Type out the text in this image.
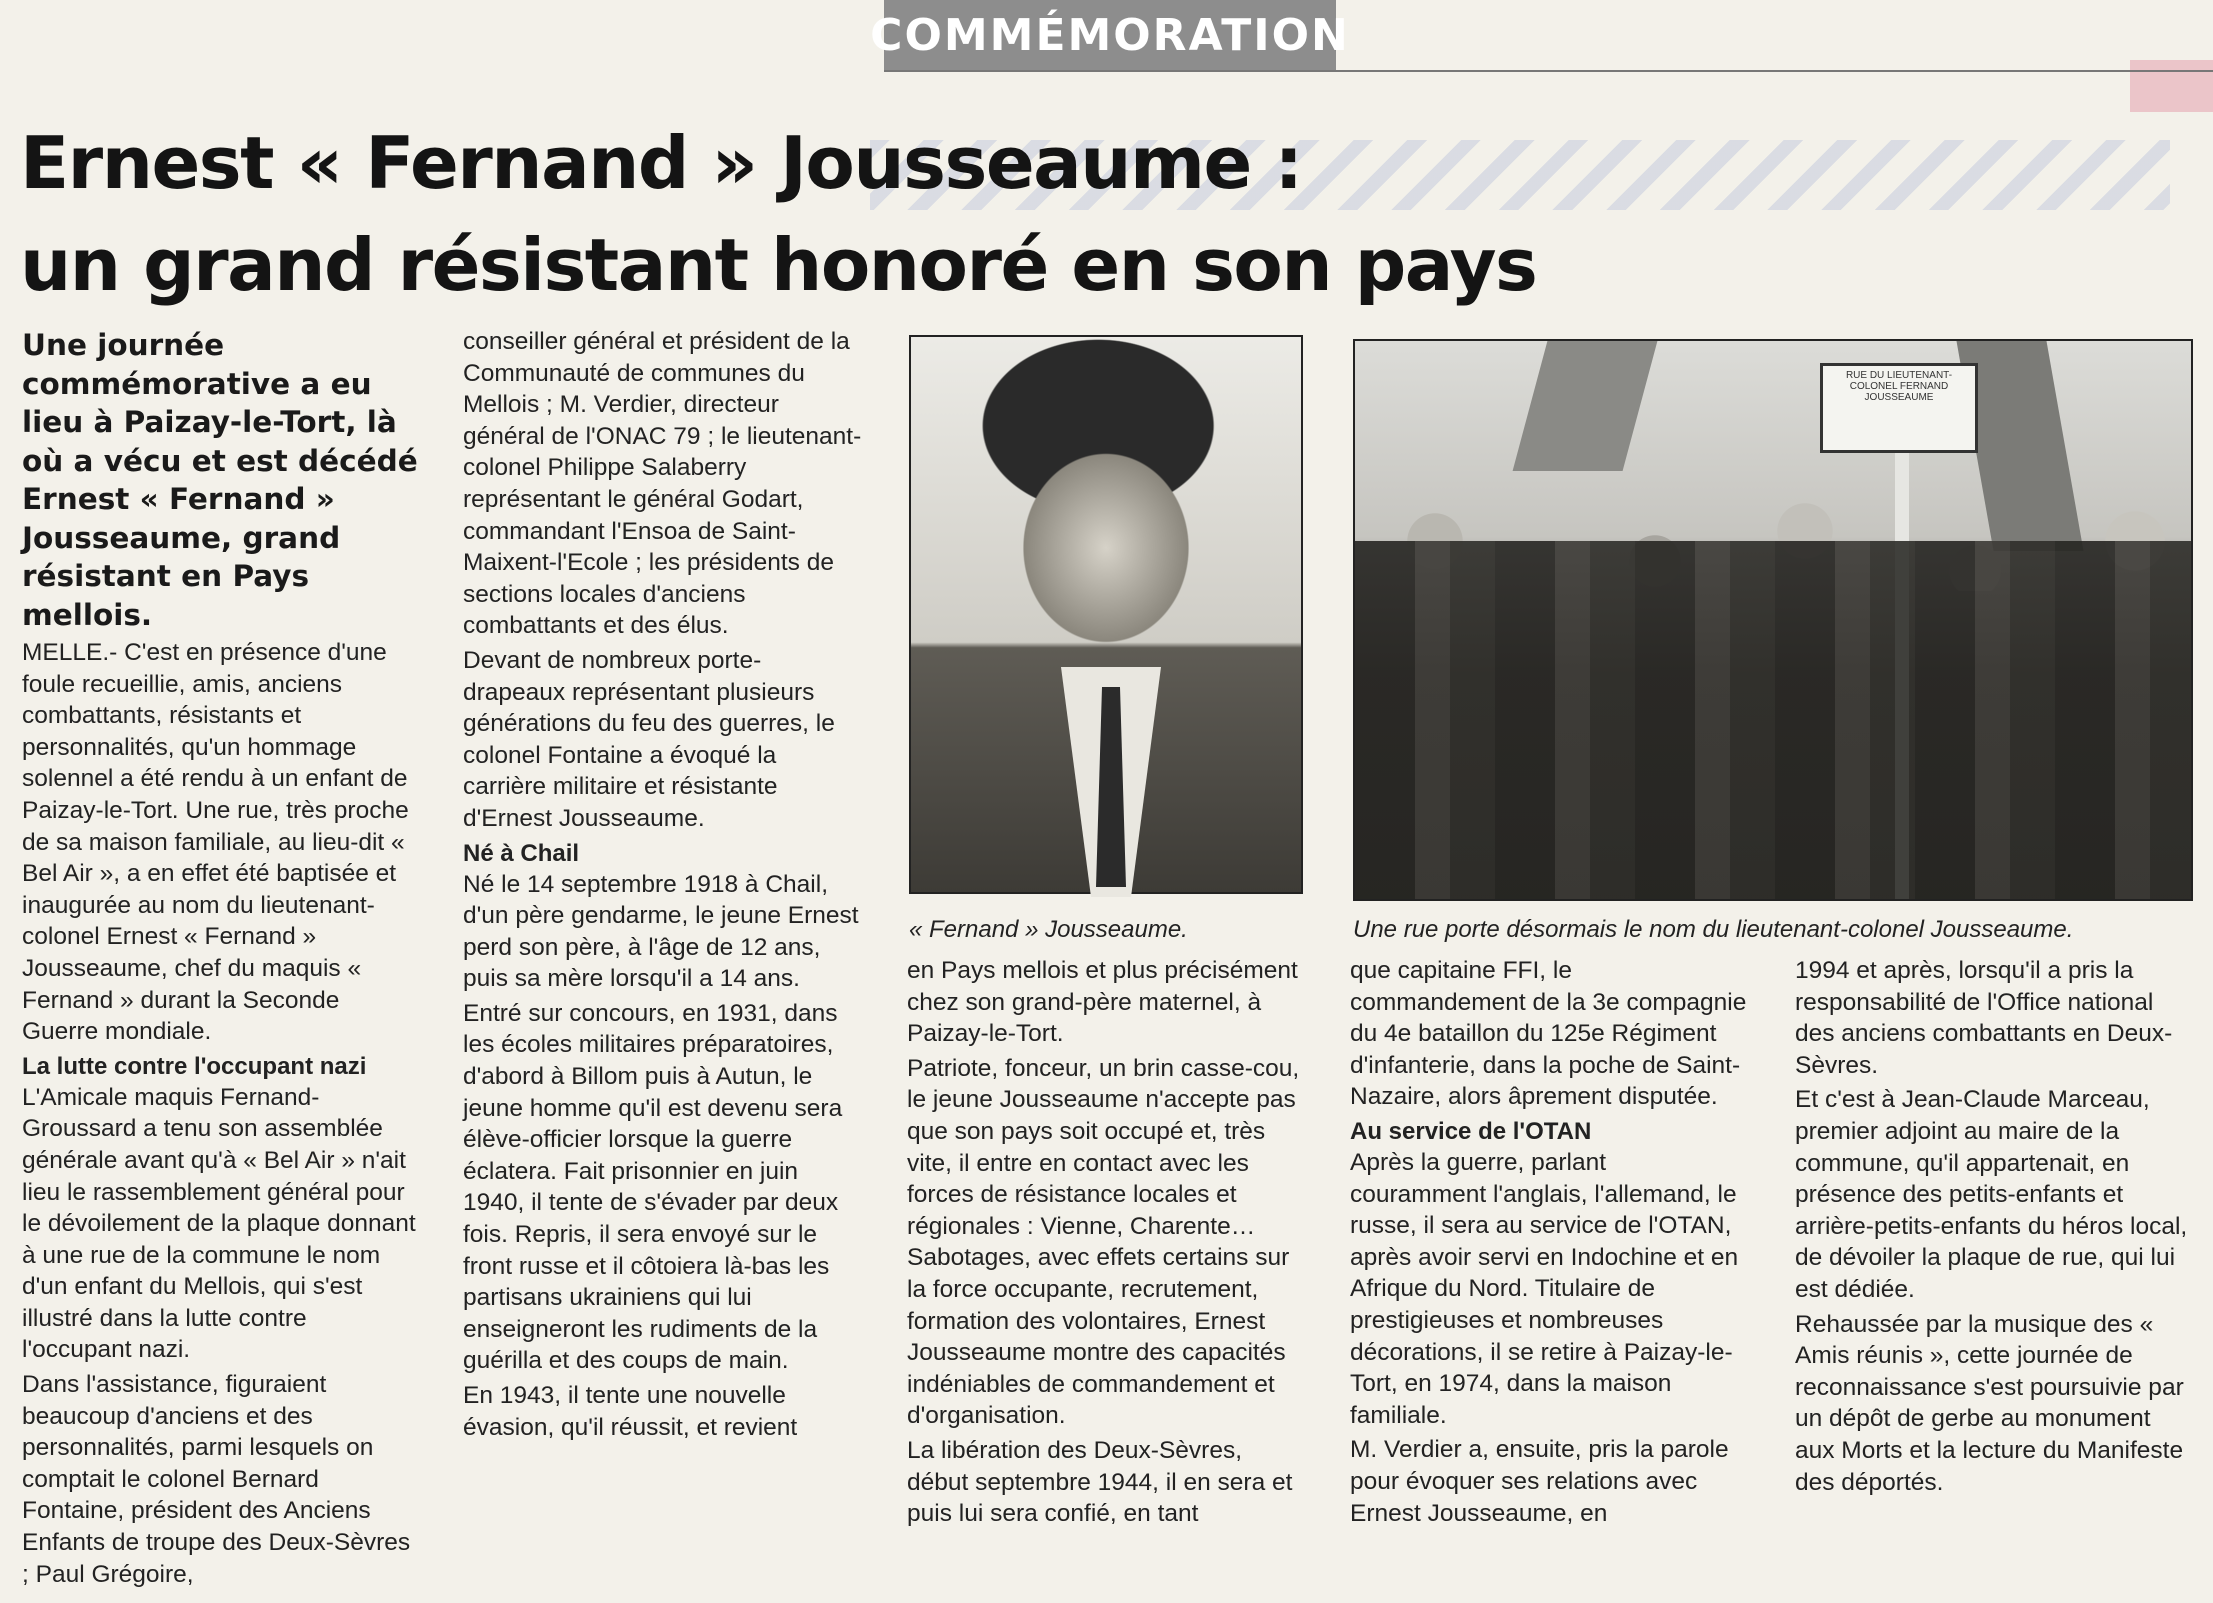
COMMÉMORATION
Ernest « Fernand » Jousseaume :
un grand résistant honoré en son pays

Une journée commémorative a eu lieu à Paizay-le-Tort, là où a vécu et est décédé Ernest « Fernand » Jousseaume, grand résistant en Pays mellois.

MELLE.- C'est en présence d'une foule recueillie, amis, anciens combattants, résistants et personnalités, qu'un hommage solennel a été rendu à un enfant de Paizay-le-Tort. Une rue, très proche de sa maison familiale, au lieu-dit « Bel Air », a en effet été baptisée et inaugurée au nom du lieutenant-colonel Ernest « Fernand » Jousseaume, chef du maquis « Fernand » durant la Seconde Guerre mondiale.

La lutte contre l'occupant nazi

L'Amicale maquis Fernand-Groussard a tenu son assemblée générale avant qu'à « Bel Air » n'ait lieu le rassemblement général pour le dévoilement de la plaque donnant à une rue de la commune le nom d'un enfant du Mellois, qui s'est illustré dans la lutte contre l'occupant nazi.

Dans l'assistance, figuraient beaucoup d'anciens et des personnalités, parmi lesquels on comptait le colonel Bernard Fontaine, président des Anciens Enfants de troupe des Deux-Sèvres ; Paul Grégoire,

conseiller général et président de la Communauté de communes du Mellois ; M. Verdier, directeur général de l'ONAC 79 ; le lieutenant-colonel Philippe Salaberry représentant le général Godart, commandant l'Ensoa de Saint-Maixent-l'Ecole ; les présidents de sections locales d'anciens combattants et des élus.

Devant de nombreux porte-drapeaux représentant plusieurs générations du feu des guerres, le colonel Fontaine a évoqué la carrière militaire et résistante d'Ernest Jousseaume.

Né à Chail

Né le 14 septembre 1918 à Chail, d'un père gendarme, le jeune Ernest perd son père, à l'âge de 12 ans, puis sa mère lorsqu'il a 14 ans.

Entré sur concours, en 1931, dans les écoles militaires préparatoires, d'abord à Billom puis à Autun, le jeune homme qu'il est devenu sera élève-officier lorsque la guerre éclatera. Fait prisonnier en juin 1940, il tente de s'évader par deux fois. Repris, il sera envoyé sur le front russe et il côtoiera là-bas les partisans ukrainiens qui lui enseigneront les rudiments de la guérilla et des coups de main.

En 1943, il tente une nouvelle évasion, qu'il réussit, et revient

« Fernand » Jousseaume.
RUE DU LIEUTENANT-COLONEL FERNAND JOUSSEAUME
Une rue porte désormais le nom du lieutenant-colonel Jousseaume.

en Pays mellois et plus précisément chez son grand-père maternel, à Paizay-le-Tort.

Patriote, fonceur, un brin casse-cou, le jeune Jousseaume n'accepte pas que son pays soit occupé et, très vite, il entre en contact avec les forces de résistance locales et régionales : Vienne, Charente… Sabotages, avec effets certains sur la force occupante, recrutement, formation des volontaires, Ernest Jousseaume montre des capacités indéniables de commandement et d'organisation.

La libération des Deux-Sèvres, début septembre 1944, il en sera et puis lui sera confié, en tant

que capitaine FFI, le commandement de la 3e compagnie du 4e bataillon du 125e Régiment d'infanterie, dans la poche de Saint-Nazaire, alors âprement disputée.

Au service de l'OTAN

Après la guerre, parlant couramment l'anglais, l'allemand, le russe, il sera au service de l'OTAN, après avoir servi en Indochine et en Afrique du Nord. Titulaire de prestigieuses et nombreuses décorations, il se retire à Paizay-le-Tort, en 1974, dans la maison familiale.

M. Verdier a, ensuite, pris la parole pour évoquer ses relations avec Ernest Jousseaume, en

1994 et après, lorsqu'il a pris la responsabilité de l'Office national des anciens combattants en Deux-Sèvres.

Et c'est à Jean-Claude Marceau, premier adjoint au maire de la commune, qu'il appartenait, en présence des petits-enfants et arrière-petits-enfants du héros local, de dévoiler la plaque de rue, qui lui est dédiée.

Rehaussée par la musique des « Amis réunis », cette journée de reconnaissance s'est poursuivie par un dépôt de gerbe au monument aux Morts et la lecture du Manifeste des déportés.
